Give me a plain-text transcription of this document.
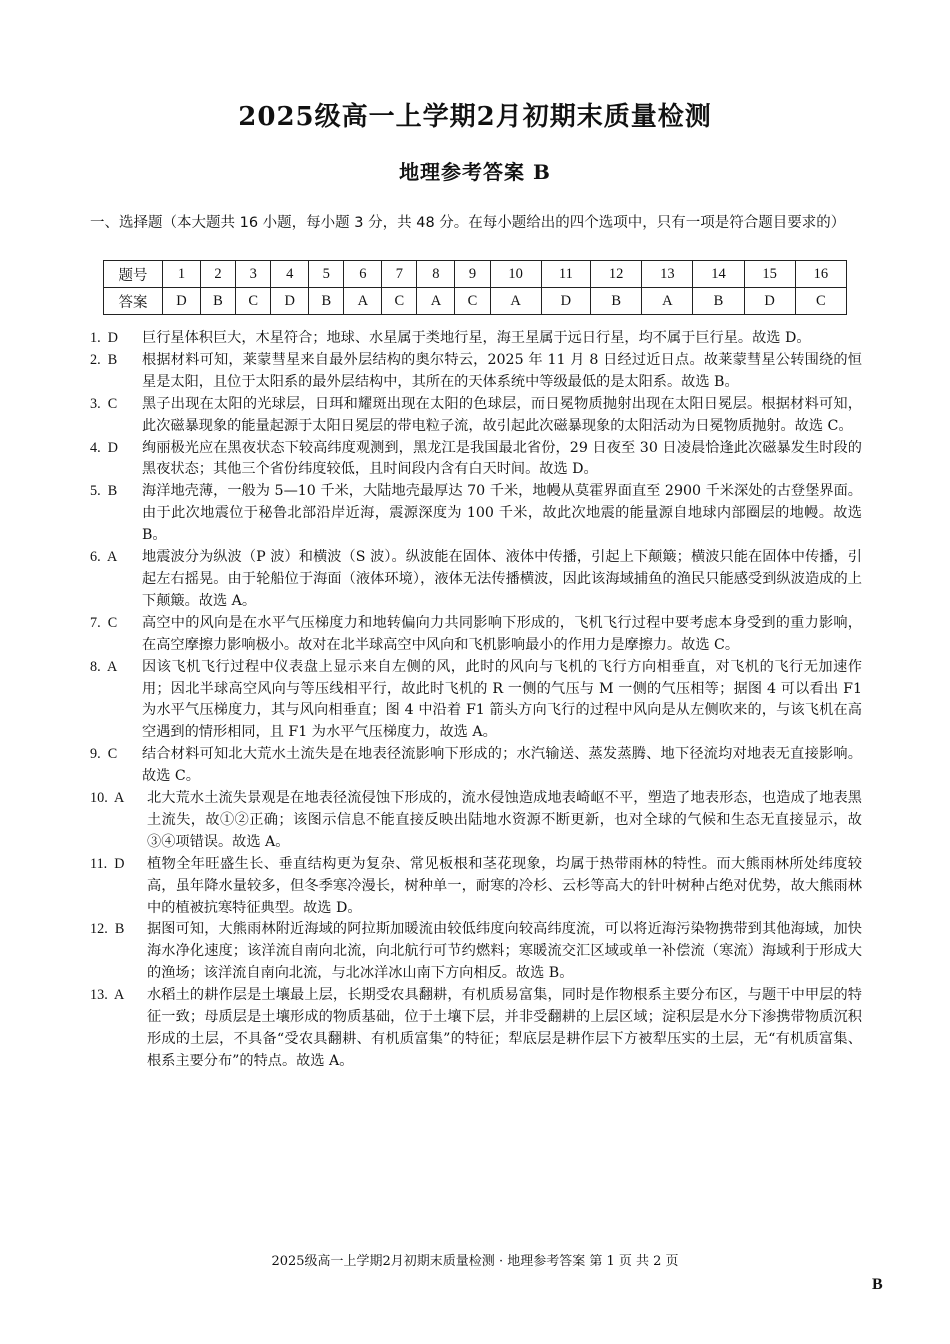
2025级高一上学期2月初期末质量检测
地理参考答案 B

一、选择题（本大题共 16 小题，每小题 3 分，共 48 分。在每小题给出的四个选项中，只有一项是符合题目要求的）

题号	1	2	3	4	5	6	7	8	9	10	11	12	13	14	15	16
答案	D	B	C	D	B	A	C	A	C	A	D	B	A	B	D	C
1.  D	巨行星体积巨大，木星符合；地球、水星属于类地行星，海王星属于远日行星，均不属于巨行星。故选 D。
2.  B	根据材料可知，莱蒙彗星来自最外层结构的奥尔特云，2025 年 11 月 8 日经过近日点。故莱蒙彗星公转围绕的恒星是太阳，且位于太阳系的最外层结构中，其所在的天体系统中等级最低的是太阳系。故选 B。
3.  C	黑子出现在太阳的光球层，日珥和耀斑出现在太阳的色球层，而日冕物质抛射出现在太阳日冕层。根据材料可知，此次磁暴现象的能量起源于太阳日冕层的带电粒子流，故引起此次磁暴现象的太阳活动为日冕物质抛射。故选 C。
4.  D	绚丽极光应在黑夜状态下较高纬度观测到，黑龙江是我国最北省份，29 日夜至 30 日凌晨恰逢此次磁暴发生时段的黑夜状态；其他三个省份纬度较低，且时间段内含有白天时间。故选 D。
5.  B	海洋地壳薄，一般为 5—10 千米，大陆地壳最厚达 70 千米，地幔从莫霍界面直至 2900 千米深处的古登堡界面。由于此次地震位于秘鲁北部沿岸近海，震源深度为 100 千米，故此次地震的能量源自地球内部圈层的地幔。故选 B。
6.  A	地震波分为纵波（P 波）和横波（S 波）。纵波能在固体、液体中传播，引起上下颠簸；横波只能在固体中传播，引起左右摇晃。由于轮船位于海面（液体环境），液体无法传播横波，因此该海域捕鱼的渔民只能感受到纵波造成的上下颠簸。故选 A。
7.  C	高空中的风向是在水平气压梯度力和地转偏向力共同影响下形成的，飞机飞行过程中要考虑本身受到的重力影响，在高空摩擦力影响极小。故对在北半球高空中风向和飞机影响最小的作用力是摩擦力。故选 C。
8.  A	因该飞机飞行过程中仪表盘上显示来自左侧的风，此时的风向与飞机的飞行方向相垂直，对飞机的飞行无加速作用；因北半球高空风向与等压线相平行，故此时飞机的 R 一侧的气压与 M 一侧的气压相等；据图 4 可以看出 F1 为水平气压梯度力，其与风向相垂直；图 4 中沿着 F1 箭头方向飞行的过程中风向是从左侧吹来的，与该飞机在高空遇到的情形相同，且 F1 为水平气压梯度力，故选 A。
9.  C	结合材料可知北大荒水土流失是在地表径流影响下形成的；水汽输送、蒸发蒸腾、地下径流均对地表无直接影响。故选 C。
10.  A	北大荒水土流失景观是在地表径流侵蚀下形成的，流水侵蚀造成地表崎岖不平，塑造了地表形态，也造成了地表黑土流失，故①②正确；该图示信息不能直接反映出陆地水资源不断更新，也对全球的气候和生态无直接显示，故③④项错误。故选 A。
11.  D	植物全年旺盛生长、垂直结构更为复杂、常见板根和茎花现象，均属于热带雨林的特性。而大熊雨林所处纬度较高，虽年降水量较多，但冬季寒冷漫长，树种单一，耐寒的冷杉、云杉等高大的针叶树种占绝对优势，故大熊雨林中的植被抗寒特征典型。故选 D。
12.  B	据图可知，大熊雨林附近海域的阿拉斯加暖流由较低纬度向较高纬度流，可以将近海污染物携带到其他海域，加快海水净化速度；该洋流自南向北流，向北航行可节约燃料；寒暖流交汇区域或单一补偿流（寒流）海域利于形成大的渔场；该洋流自南向北流，与北冰洋冰山南下方向相反。故选 B。
13.  A	水稻土的耕作层是土壤最上层，长期受农具翻耕，有机质易富集，同时是作物根系主要分布区，与题干中甲层的特征一致；母质层是土壤形成的物质基础，位于土壤下层，并非受翻耕的上层区域；淀积层是水分下渗携带物质沉积形成的土层，不具备“受农具翻耕、有机质富集”的特征；犁底层是耕作层下方被犁压实的土层，无“有机质富集、根系主要分布”的特点。故选 A。
2025级高一上学期2月初期末质量检测 · 地理参考答案 第 1 页 共 2 页
B
